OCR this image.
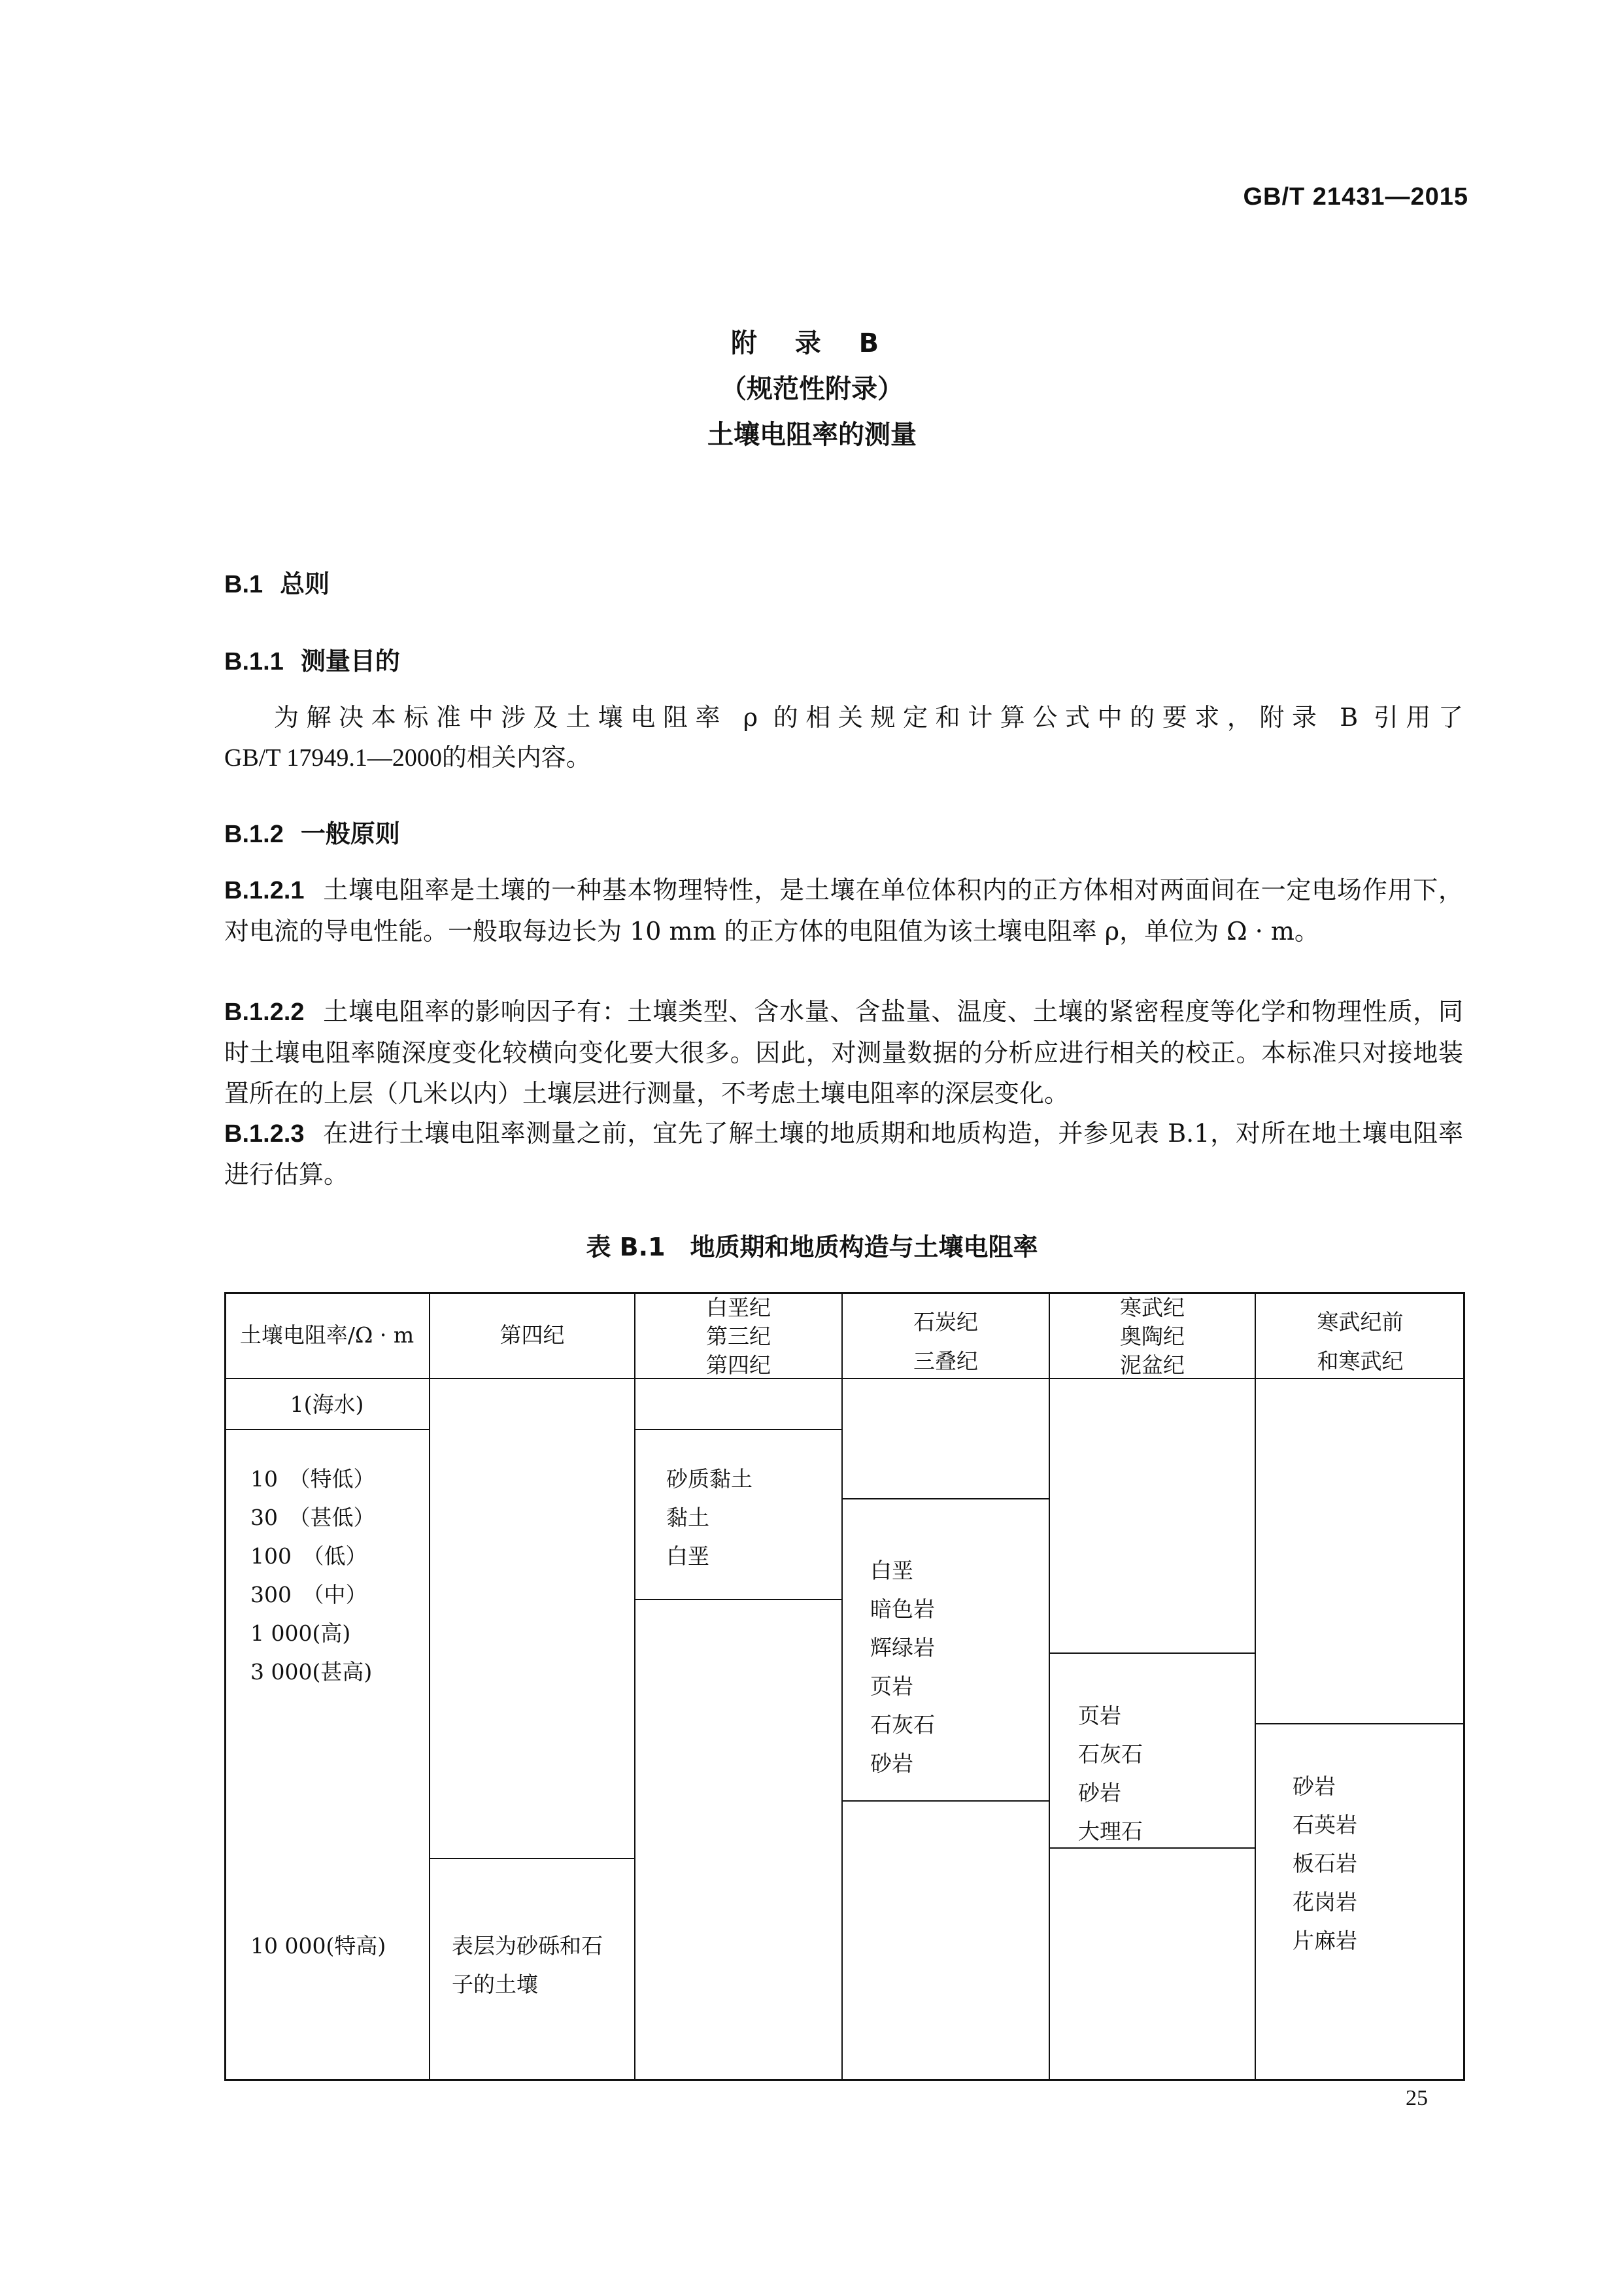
GB/T 21431—2015
附 录 B
（规范性附录）
土壤电阻率的测量
B.1 总则
B.1.1 测量目的
为解决本标准中涉及土壤电阻率 ρ 的相关规定和计算公式中的要求，附录 B 引用了
GB/T 17949.1—2000的相关内容。
B.1.2 一般原则

B.1.2.1 土壤电阻率是土壤的一种基本物理特性，是土壤在单位体积内的正方体相对两面间在一定电场作用下，对电流的导电性能。一般取每边长为 10 mm 的正方体的电阻值为该土壤电阻率 ρ，单位为 Ω · m。

B.1.2.2 土壤电阻率的影响因子有：土壤类型、含水量、含盐量、温度、土壤的紧密程度等化学和物理性质，同时土壤电阻率随深度变化较横向变化要大很多。因此，对测量数据的分析应进行相关的校正。本标准只对接地装置所在的上层（几米以内）土壤层进行测量，不考虑土壤电阻率的深层变化。

B.1.2.3 在进行土壤电阻率测量之前，宜先了解土壤的地质期和地质构造，并参见表 B.1，对所在地土壤电阻率进行估算。

表 B.1　地质期和地质构造与土壤电阻率
土壤电阻率/Ω · m	第四纪
白垩纪
第三纪
第四纪
石炭纪
三叠纪
寒武纪
奥陶纪
泥盆纪
寒武纪前
和寒武纪
1(海水)
10　（特低）
30　（甚低）
100　（低）
300　（中）
1 000(高)
3 000(甚高)
10 000(特高)	表层为砂砾和石
子的土壤
砂质黏土
黏土
白垩
白垩
暗色岩
辉绿岩
页岩
石灰石
砂岩
页岩
石灰石
砂岩
大理石
砂岩
石英岩
板石岩
花岗岩
片麻岩
25
